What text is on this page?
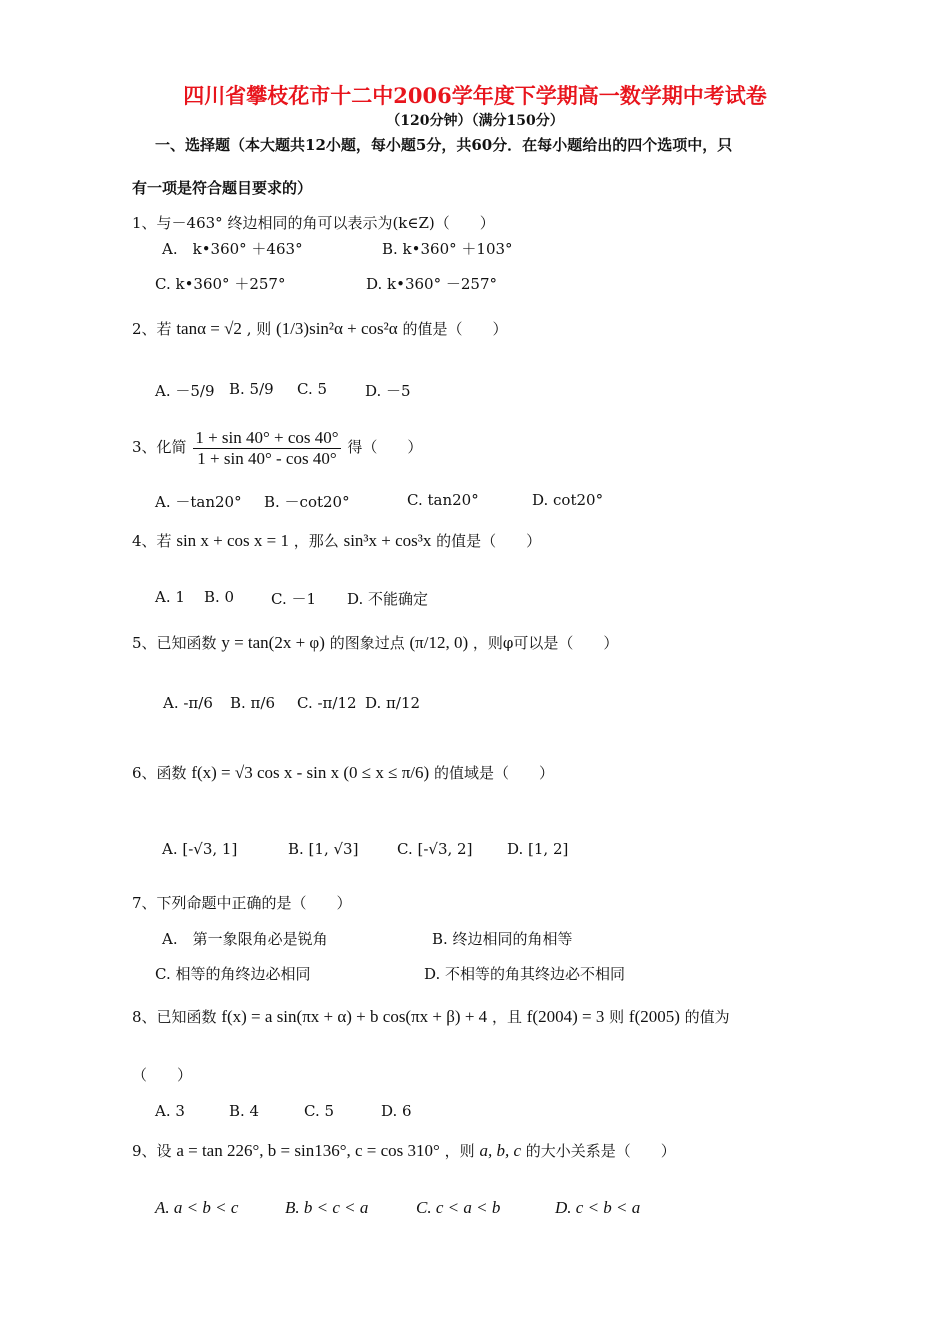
四川省攀枝花市十二中2006学年度下学期高一数学期中考试卷
（120分钟）（满分150分）
一、选择题（本大题共12小题，每小题5分，共60分．在每小题给出的四个选项中，只
有一项是符合题目要求的）
1、与－463° 终边相同的角可以表示为(k∈Z)（　　）
A.　k•360° ＋463°	B. k•360° ＋103°
C. k•360° ＋257°	D. k•360° －257°
2、若 tanα = √2 , 则 (1/3)sin²α + cos²α 的值是（　　）
A. －5/9 B. 5/9 C. 5	D. －5
3、化简 $\frac{1 + \sin 40^\circ + \cos 40^\circ}{1 + \sin 40^\circ - \cos 40^\circ}$ 得（　　）
A. －tan20° B. －cot20°	C. tan20°	D. cot20°
4、若 sin x + cos x = 1 ，那么 sin³x + cos³x 的值是（　　）
A. 1 B. 0 C. －1 D. 不能确定
5、已知函数 y = tan(2x + φ) 的图象过点 (π/12, 0) ，则φ可以是（　　）
A. -π/6 B. π/6 C. -π/12 D. π/12
6、函数 f(x) = √3 cos x - sin x (0 ≤ x ≤ π/6) 的值域是（　　）
A. [-√3, 1]	B. [1, √3]	C. [-√3, 2] D. [1, 2]
7、下列命题中正确的是（　　）
A.　第一象限角必是锐角	B. 终边相同的角相等
C. 相等的角终边必相同	D. 不相等的角其终边必不相同
8、已知函数 f(x) = a sin(πx + α) + b cos(πx + β) + 4 ，且 f(2004) = 3 则 f(2005) 的值为
（　　）
A. 3	B. 4	C. 5	D. 6
9、设 a = tan 226°, b = sin136°, c = cos 310° ，则 a, b, c 的大小关系是（　　）
A. a < b < c	B. b < c < a	C. c < a < b	D. c < b < a
